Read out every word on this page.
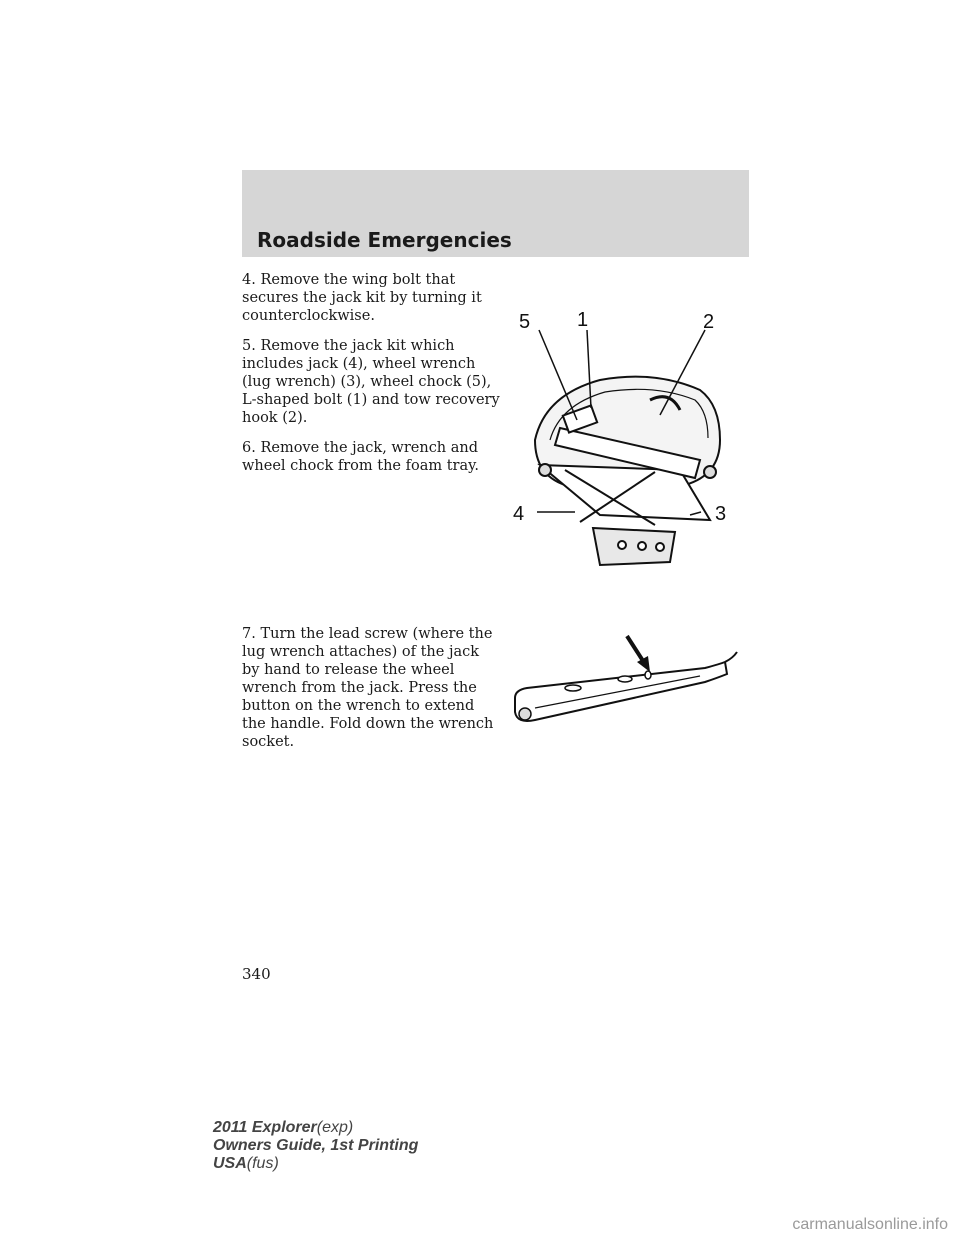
Roadside Emergencies

4. Remove the wing bolt that secures the jack kit by turning it counterclockwise.

5. Remove the jack kit which includes jack (4), wheel wrench (lug wrench) (3), wheel chock (5), L-shaped bolt (1) and tow recovery hook (2).

6. Remove the jack, wrench and wheel chock from the foam tray.

5 1	2
4	3

7. Turn the lead screw (where the lug wrench attaches) of the jack by hand to release the wheel wrench from the jack. Press the button on the wrench to extend the handle. Fold down the wrench socket.

340
2011 Explorer(exp)
Owners Guide, 1st Printing
USA(fus)
carmanualsonline.info
